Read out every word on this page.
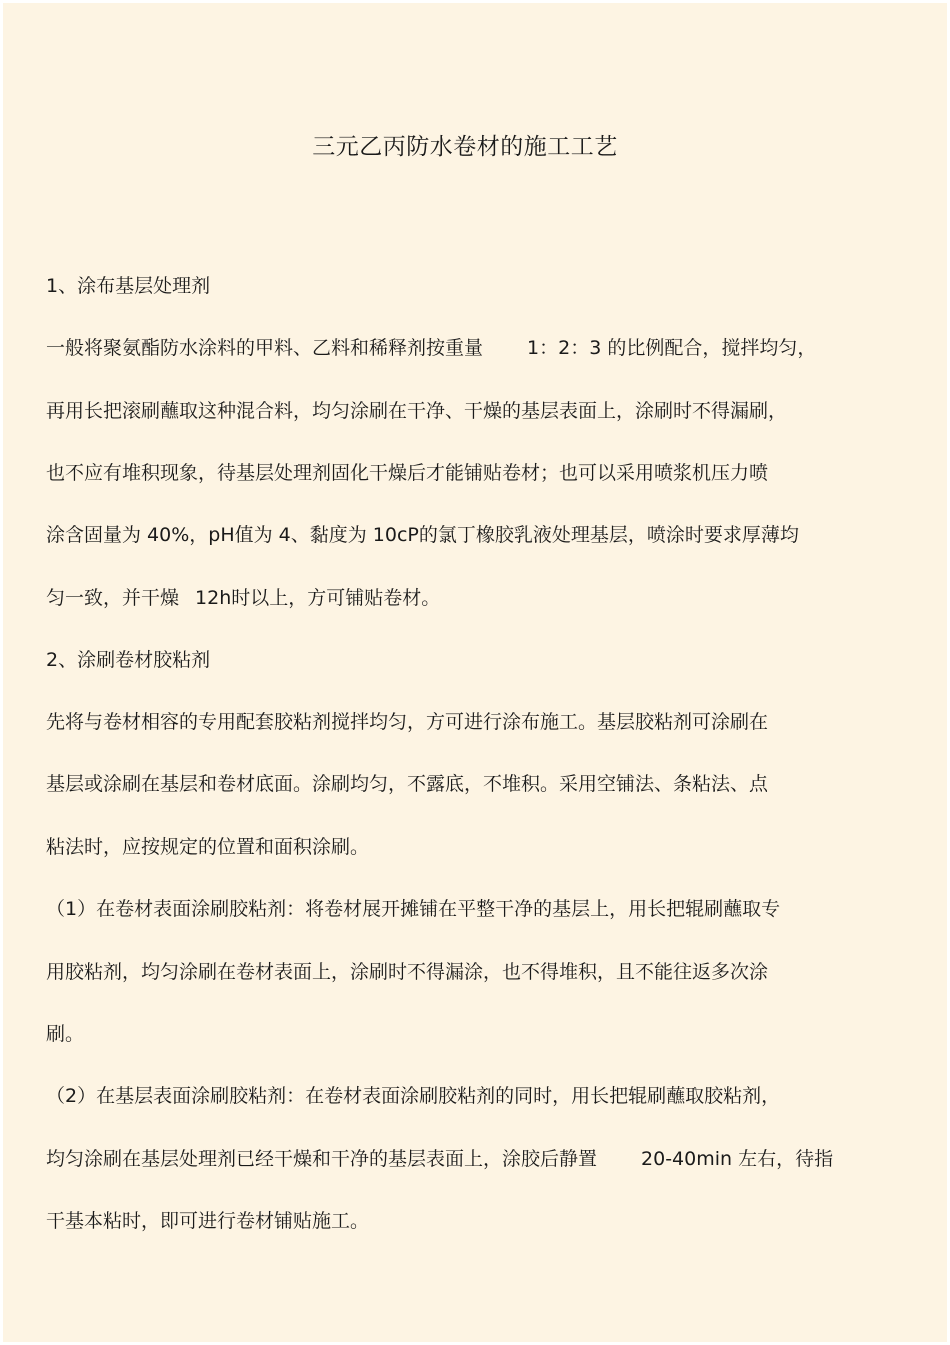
三元乙丙防水卷材的施工工艺
1、涂布基层处理剂
一般将聚氨酯防水涂料的甲料、乙料和稀释剂按重量 1：2：3 的比例配合，搅拌均匀，
再用长把滚刷蘸取这种混合料，均匀涂刷在干净、干燥的基层表面上，涂刷时不得漏刷，
也不应有堆积现象，待基层处理剂固化干燥后才能铺贴卷材；也可以采用喷浆机压力喷
涂含固量为 40%，pH值为 4、黏度为 10cP的氯丁橡胶乳液处理基层，喷涂时要求厚薄均
匀一致，并干燥 12h时以上，方可铺贴卷材。
2、涂刷卷材胶粘剂
先将与卷材相容的专用配套胶粘剂搅拌均匀，方可进行涂布施工。基层胶粘剂可涂刷在
基层或涂刷在基层和卷材底面。涂刷均匀，不露底，不堆积。采用空铺法、条粘法、点
粘法时，应按规定的位置和面积涂刷。
（1）在卷材表面涂刷胶粘剂：将卷材展开摊铺在平整干净的基层上，用长把辊刷蘸取专
用胶粘剂，均匀涂刷在卷材表面上，涂刷时不得漏涂，也不得堆积，且不能往返多次涂
刷。
（2）在基层表面涂刷胶粘剂：在卷材表面涂刷胶粘剂的同时，用长把辊刷蘸取胶粘剂，
均匀涂刷在基层处理剂已经干燥和干净的基层表面上，涂胶后静置 20-40min 左右，待指
干基本粘时，即可进行卷材铺贴施工。
